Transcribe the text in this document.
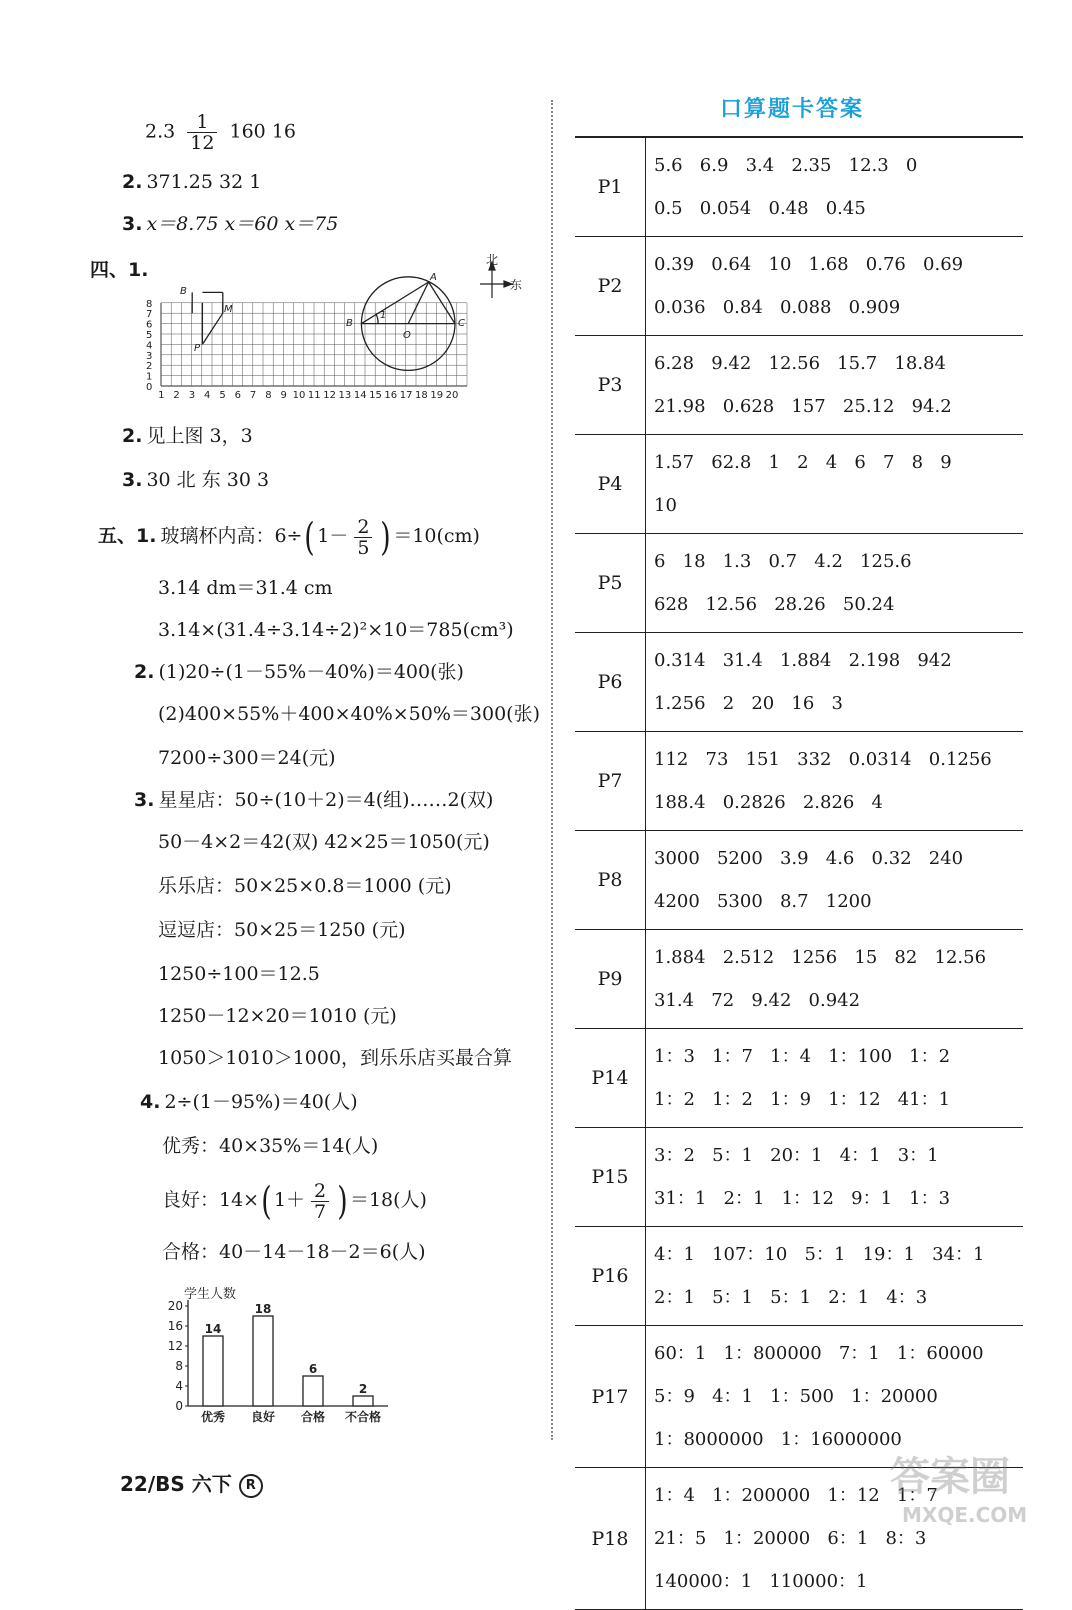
$2.3 \frac{1}{12} 160$ 16
2. 371.25 32 1
3. x＝8.75 x＝60 x＝75
四、1.
0
1
2
3
4
5
6
7
8
1 2 3 4 5 6 7 8 9 10 11 12 13 14 15 16 17 18 19 20
B
M
P
A
B
O
C
1
北
东
2. 见上图 3，3
3. 30 北 东 30 3
五、1. 玻璃杯内高：6÷( $1- \frac{2}{5}$ ) ＝10(cm)
3.14 dm＝31.4 cm
3.14×(31.4÷3.14÷2)²×10＝785(cm³)
2. (1)20÷(1－55%－40%)＝400(张)
(2)400×55%＋400×40%×50%＝300(张)
7200÷300＝24(元)
3. 星星店：50÷(10＋2)＝4(组)……2(双)
50－4×2＝42(双) 42×25＝1050(元)
乐乐店：50×25×0.8＝1000 (元)
逗逗店：50×25＝1250 (元)
1250÷100＝12.5
1250－12×20＝1010 (元)
1050＞1010＞1000，到乐乐店买最合算
4. 2÷(1－95%)＝40(人)
优秀：40×35%＝14(人)
良好：14×( $1+ \frac{2}{7}$ ) ＝18(人)
合格：40－14－18－2＝6(人)
学生人数
0
4
8
12
16
20
14
优秀
18
良好
6
合格
2
不合格
口算题卡答案
P1
5.6   6.9   3.4   2.35   12.3   0
0.5   0.054   0.48   0.45
P2
0.39   0.64   10   1.68   0.76   0.69
0.036   0.84   0.088   0.909
P3
6.28   9.42   12.56   15.7   18.84
21.98   0.628   157   25.12   94.2
P4
1.57   62.8   1   2   4   6   7   8   9
10
P5
6   18   1.3   0.7   4.2   125.6
628   12.56   28.26   50.24
P6
0.314   31.4   1.884   2.198   942
1.256   2   20   16   3
P7
112   73   151   332   0.0314   0.1256
188.4   0.2826   2.826   4
P8
3000   5200   3.9   4.6   0.32   240
4200   5300   8.7   1200
P9
1.884   2.512   1256   15   82   12.56
31.4   72   9.42   0.942
P14
1：3   1：7   1：4   1：100   1：2
1：2   1：2   1：9   1：12   41：1
P15
3：2   5：1   20：1   4：1   3：1
31：1   2：1   1：12   9：1   1：3
P16
4：1   107：10   5：1   19：1   34：1
2：1   5：1   5：1   2：1   4：3
P17
60：1   1：800000   7：1   1：60000
5：9   4：1   1：500   1：20000
1：8000000   1：16000000
P18
1：4   1：200000   1：12   1：7
21：5   1：20000   6：1   8：3
140000：1   110000：1
22/BS 六下 R	答案圈
MXQE.COM
